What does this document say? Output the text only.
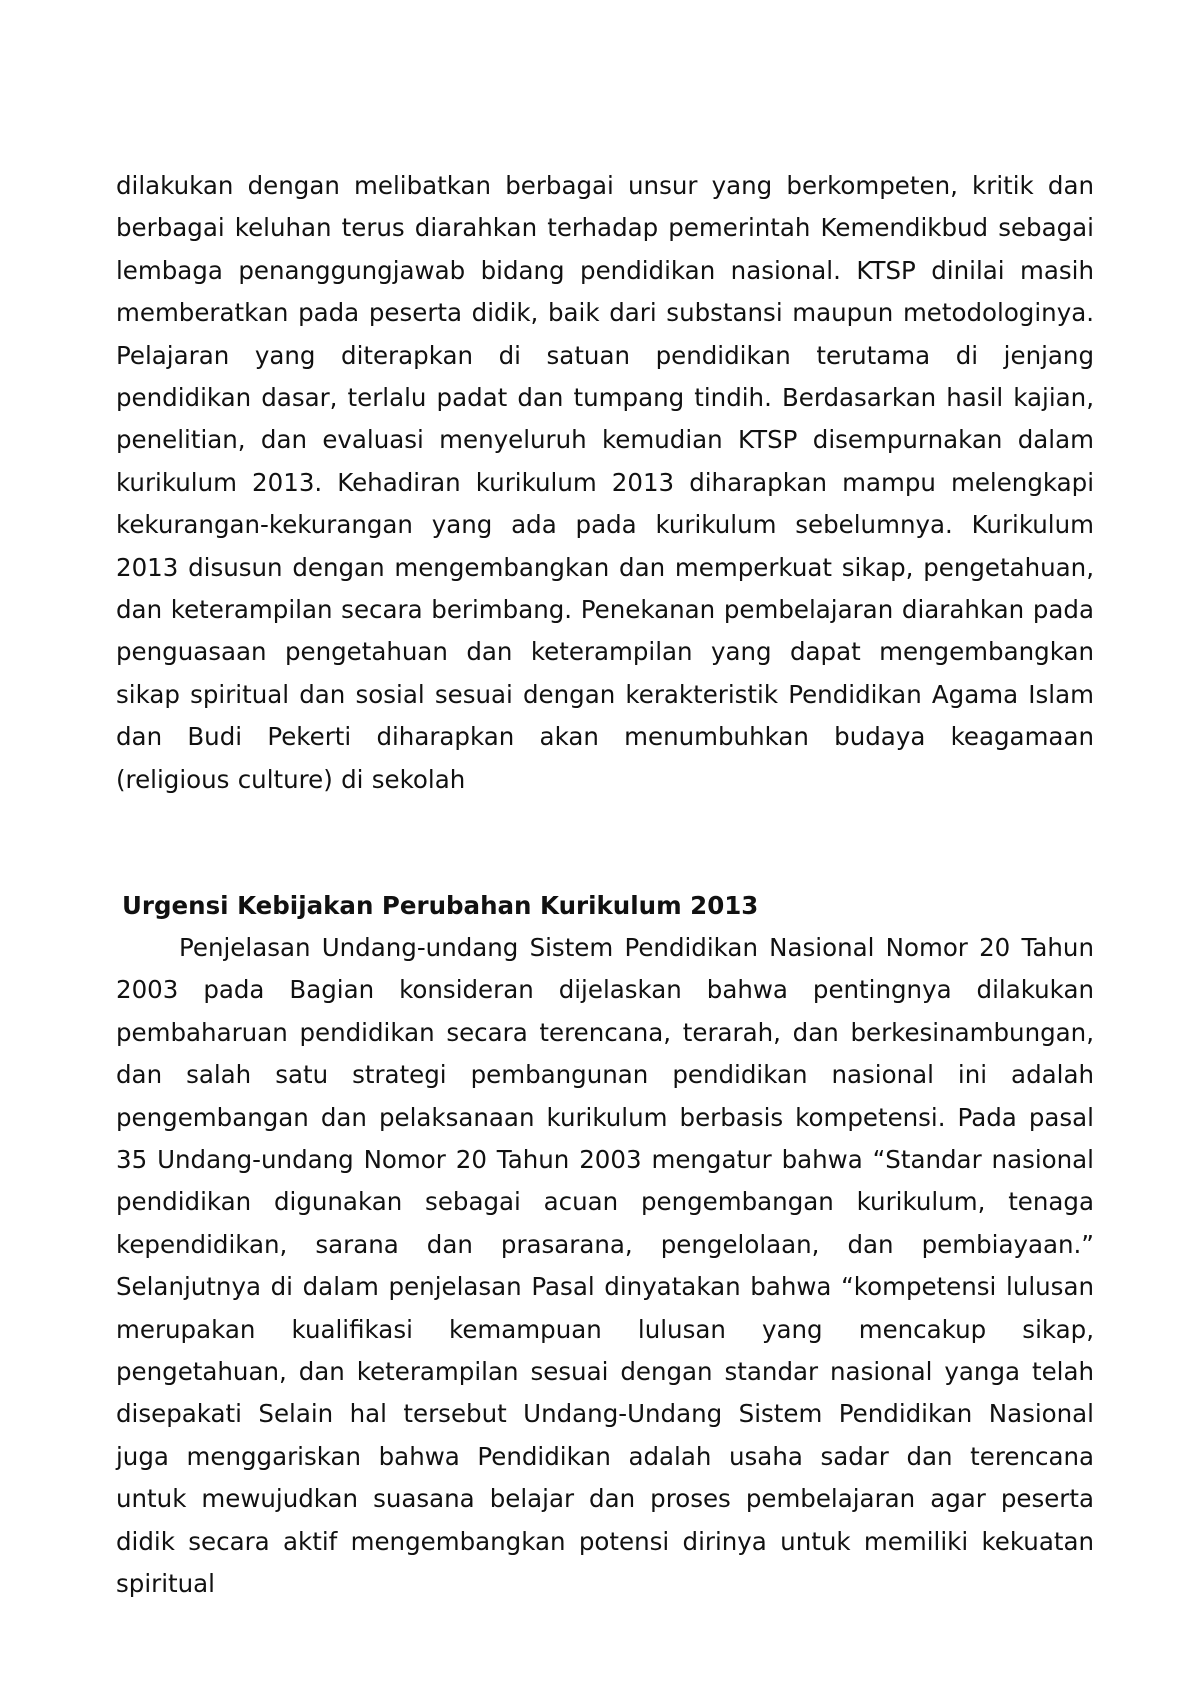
dilakukan dengan melibatkan berbagai unsur yang berkompeten, kritik dan berbagai keluhan terus diarahkan terhadap pemerintah Kemendikbud sebagai lembaga penanggungjawab bidang pendidikan nasional. KTSP dinilai masih memberatkan pada peserta didik, baik dari substansi maupun metodologinya. Pelajaran yang diterapkan di satuan pendidikan terutama di jenjang pendidikan dasar, terlalu padat dan tumpang tindih. Berdasarkan hasil kajian, penelitian, dan evaluasi menyeluruh kemudian KTSP disempurnakan dalam kurikulum 2013. Kehadiran kurikulum 2013 diharapkan mampu melengkapi kekurangan-kekurangan yang ada pada kurikulum sebelumnya. Kurikulum 2013 disusun dengan mengembangkan dan memperkuat sikap, pengetahuan, dan keterampilan secara berimbang. Penekanan pembelajaran diarahkan pada penguasaan pengetahuan dan keterampilan yang dapat mengembangkan sikap spiritual dan sosial sesuai dengan kerakteristik Pendidikan Agama Islam dan Budi Pekerti diharapkan akan menumbuhkan budaya keagamaan (religious culture) di sekolah

Urgensi Kebijakan Perubahan Kurikulum 2013

Penjelasan Undang-undang Sistem Pendidikan Nasional Nomor 20 Tahun 2003 pada Bagian konsideran dijelaskan bahwa pentingnya dilakukan pembaharuan pendidikan secara terencana, terarah, dan berkesinambungan, dan salah satu strategi pembangunan pendidikan nasional ini adalah pengembangan dan pelaksanaan kurikulum berbasis kompetensi. Pada pasal 35 Undang-undang Nomor 20 Tahun 2003 mengatur bahwa “Standar nasional pendidikan digunakan sebagai acuan pengembangan kurikulum, tenaga kependidikan, sarana dan prasarana, pengelolaan, dan pembiayaan.” Selanjutnya di dalam penjelasan Pasal dinyatakan bahwa “kompetensi lulusan merupakan kualifikasi kemampuan lulusan yang mencakup sikap, pengetahuan, dan keterampilan sesuai dengan standar nasional yanga telah disepakati Selain hal tersebut Undang-Undang Sistem Pendidikan Nasional juga menggariskan bahwa Pendidikan adalah usaha sadar dan terencana untuk mewujudkan suasana belajar dan proses pembelajaran agar peserta didik secara aktif mengembangkan potensi dirinya untuk memiliki kekuatan spiritual
